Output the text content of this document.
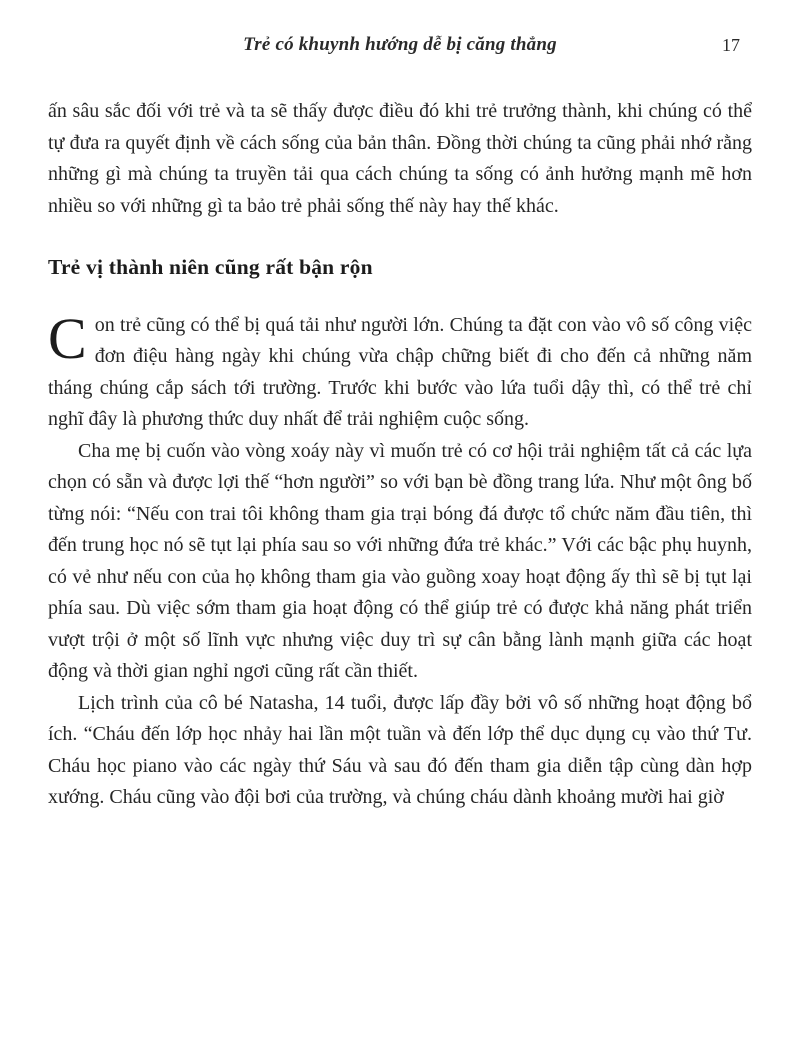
Trẻ có khuynh hướng dễ bị căng thẳng	17

ấn sâu sắc đối với trẻ và ta sẽ thấy được điều đó khi trẻ trưởng thành, khi chúng có thể tự đưa ra quyết định về cách sống của bản thân. Đồng thời chúng ta cũng phải nhớ rằng những gì mà chúng ta truyền tải qua cách chúng ta sống có ảnh hưởng mạnh mẽ hơn nhiều so với những gì ta bảo trẻ phải sống thế này hay thế khác.

Trẻ vị thành niên cũng rất bận rộn

Con trẻ cũng có thể bị quá tải như người lớn. Chúng ta đặt con vào vô số công việc đơn điệu hàng ngày khi chúng vừa chập chững biết đi cho đến cả những năm tháng chúng cắp sách tới trường. Trước khi bước vào lứa tuổi dậy thì, có thể trẻ chỉ nghĩ đây là phương thức duy nhất để trải nghiệm cuộc sống.

Cha mẹ bị cuốn vào vòng xoáy này vì muốn trẻ có cơ hội trải nghiệm tất cả các lựa chọn có sẵn và được lợi thế “hơn người” so với bạn bè đồng trang lứa. Như một ông bố từng nói: “Nếu con trai tôi không tham gia trại bóng đá được tổ chức năm đầu tiên, thì đến trung học nó sẽ tụt lại phía sau so với những đứa trẻ khác.” Với các bậc phụ huynh, có vẻ như nếu con của họ không tham gia vào guồng xoay hoạt động ấy thì sẽ bị tụt lại phía sau. Dù việc sớm tham gia hoạt động có thể giúp trẻ có được khả năng phát triển vượt trội ở một số lĩnh vực nhưng việc duy trì sự cân bằng lành mạnh giữa các hoạt động và thời gian nghỉ ngơi cũng rất cần thiết.

Lịch trình của cô bé Natasha, 14 tuổi, được lấp đầy bởi vô số những hoạt động bổ ích. “Cháu đến lớp học nhảy hai lần một tuần và đến lớp thể dục dụng cụ vào thứ Tư. Cháu học piano vào các ngày thứ Sáu và sau đó đến tham gia diễn tập cùng dàn hợp xướng. Cháu cũng vào đội bơi của trường, và chúng cháu dành khoảng mười hai giờ
